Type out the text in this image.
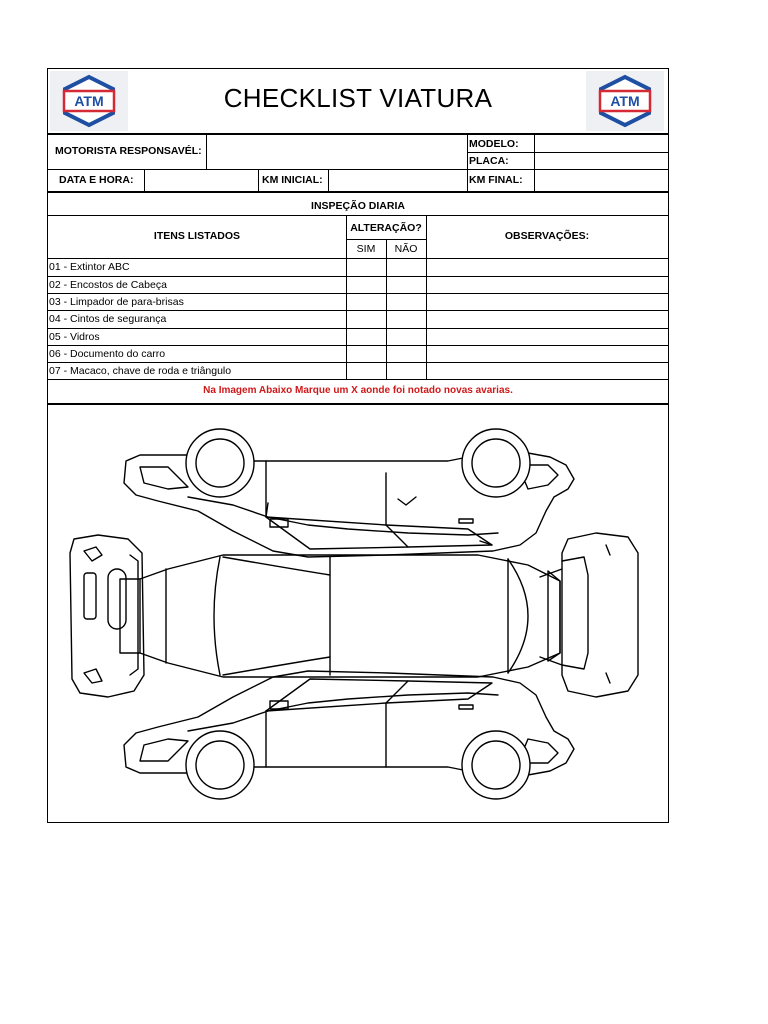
ATM	ATM
CHECKLIST VIATURA
MOTORISTA RESPONSAVÉL:
MODELO:
PLACA:
DATA E HORA:	KM INICIAL:	KM FINAL:
INSPEÇÃO DIARIA
ITENS LISTADOS
ALTERAÇÃO?
SIM	NÃO
OBSERVAÇÕES:
01 - Extintor ABC
02 - Encostos de Cabeça
03 - Limpador de para-brisas
04 - Cintos de segurança
05 - Vidros
06 - Documento do carro
07 - Macaco, chave de roda e triângulo
Na Imagem Abaixo Marque um X aonde foi notado novas avarias.
